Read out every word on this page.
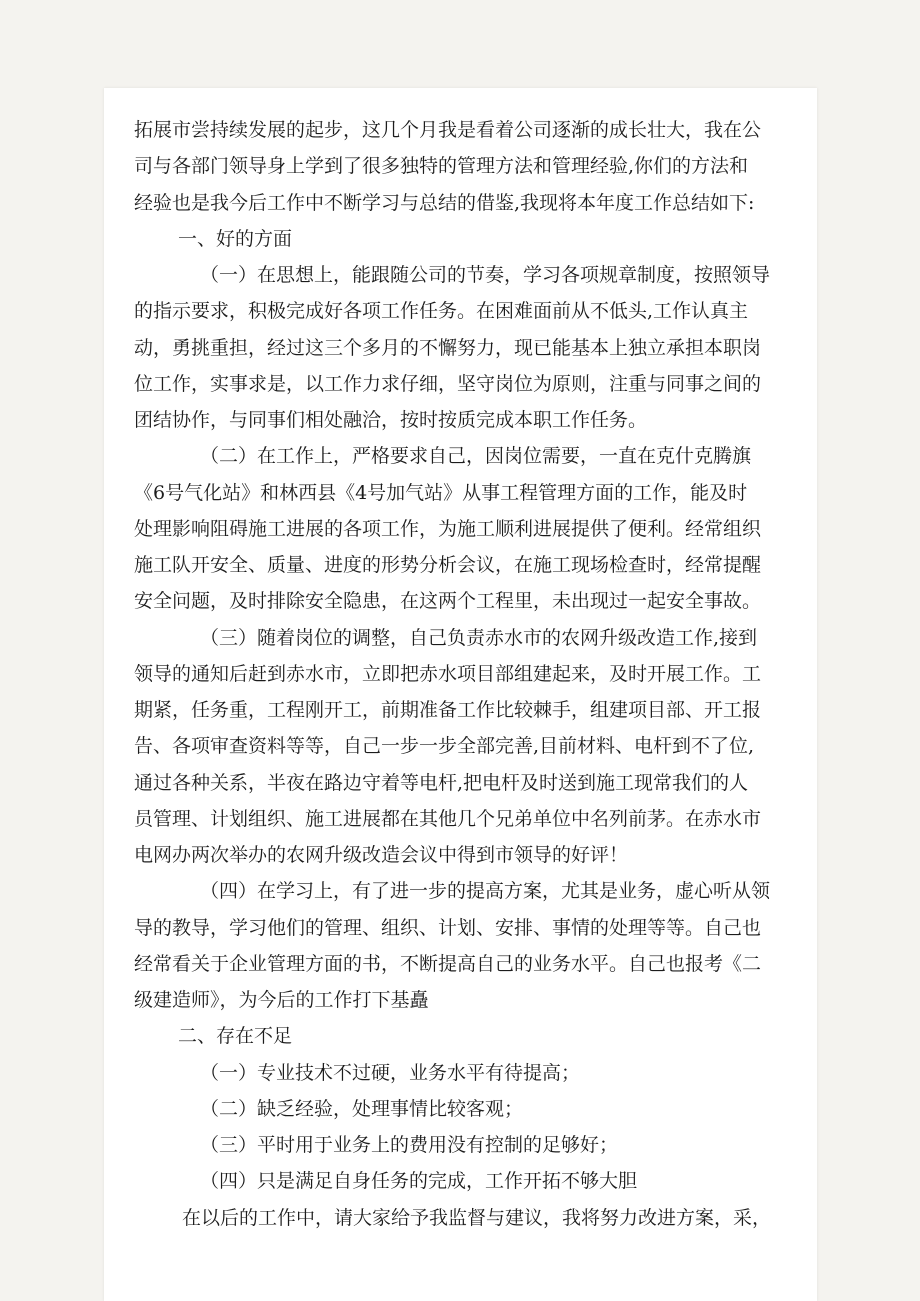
拓展市尝持续发展的起步，这几个月我是看着公司逐渐的成长壮大，我在公
司与各部门领导身上学到了很多独特的管理方法和管理经验,你们的方法和
经验也是我今后工作中不断学习与总结的借鉴,我现将本年度工作总结如下:
一、好的方面
（一）在思想上，能跟随公司的节奏，学习各项规章制度，按照领导
的指示要求，积极完成好各项工作任务。在困难面前从不低头,工作认真主
动，勇挑重担，经过这三个多月的不懈努力，现已能基本上独立承担本职岗
位工作，实事求是，以工作力求仔细，坚守岗位为原则，注重与同事之间的
团结协作，与同事们相处融洽，按时按质完成本职工作任务。
（二）在工作上，严格要求自己，因岗位需要，一直在克什克腾旗
《6号气化站》和林西县《4号加气站》从事工程管理方面的工作，能及时
处理影响阻碍施工进展的各项工作，为施工顺利进展提供了便利。经常组织
施工队开安全、质量、进度的形势分析会议，在施工现场检查时，经常提醒
安全问题，及时排除安全隐患，在这两个工程里，未出现过一起安全事故。
（三）随着岗位的调整，自己负责赤水市的农网升级改造工作,接到
领导的通知后赶到赤水市，立即把赤水项目部组建起来，及时开展工作。工
期紧，任务重，工程刚开工，前期准备工作比较棘手，组建项目部、开工报
告、各项审查资料等等，自己一步一步全部完善,目前材料、电杆到不了位,
通过各种关系，半夜在路边守着等电杆,把电杆及时送到施工现常我们的人
员管理、计划组织、施工进展都在其他几个兄弟单位中名列前茅。在赤水市
电网办两次举办的农网升级改造会议中得到市领导的好评！
（四）在学习上，有了进一步的提高方案，尤其是业务，虚心听从领
导的教导，学习他们的管理、组织、计划、安排、事情的处理等等。自己也
经常看关于企业管理方面的书，不断提高自己的业务水平。自己也报考《二
级建造师》，为今后的工作打下基矗
二、存在不足
（一）专业技术不过硬，业务水平有待提高；
（二）缺乏经验，处理事情比较客观；
（三）平时用于业务上的费用没有控制的足够好；
（四）只是满足自身任务的完成，工作开拓不够大胆
在以后的工作中，请大家给予我监督与建议，我将努力改进方案，采，
